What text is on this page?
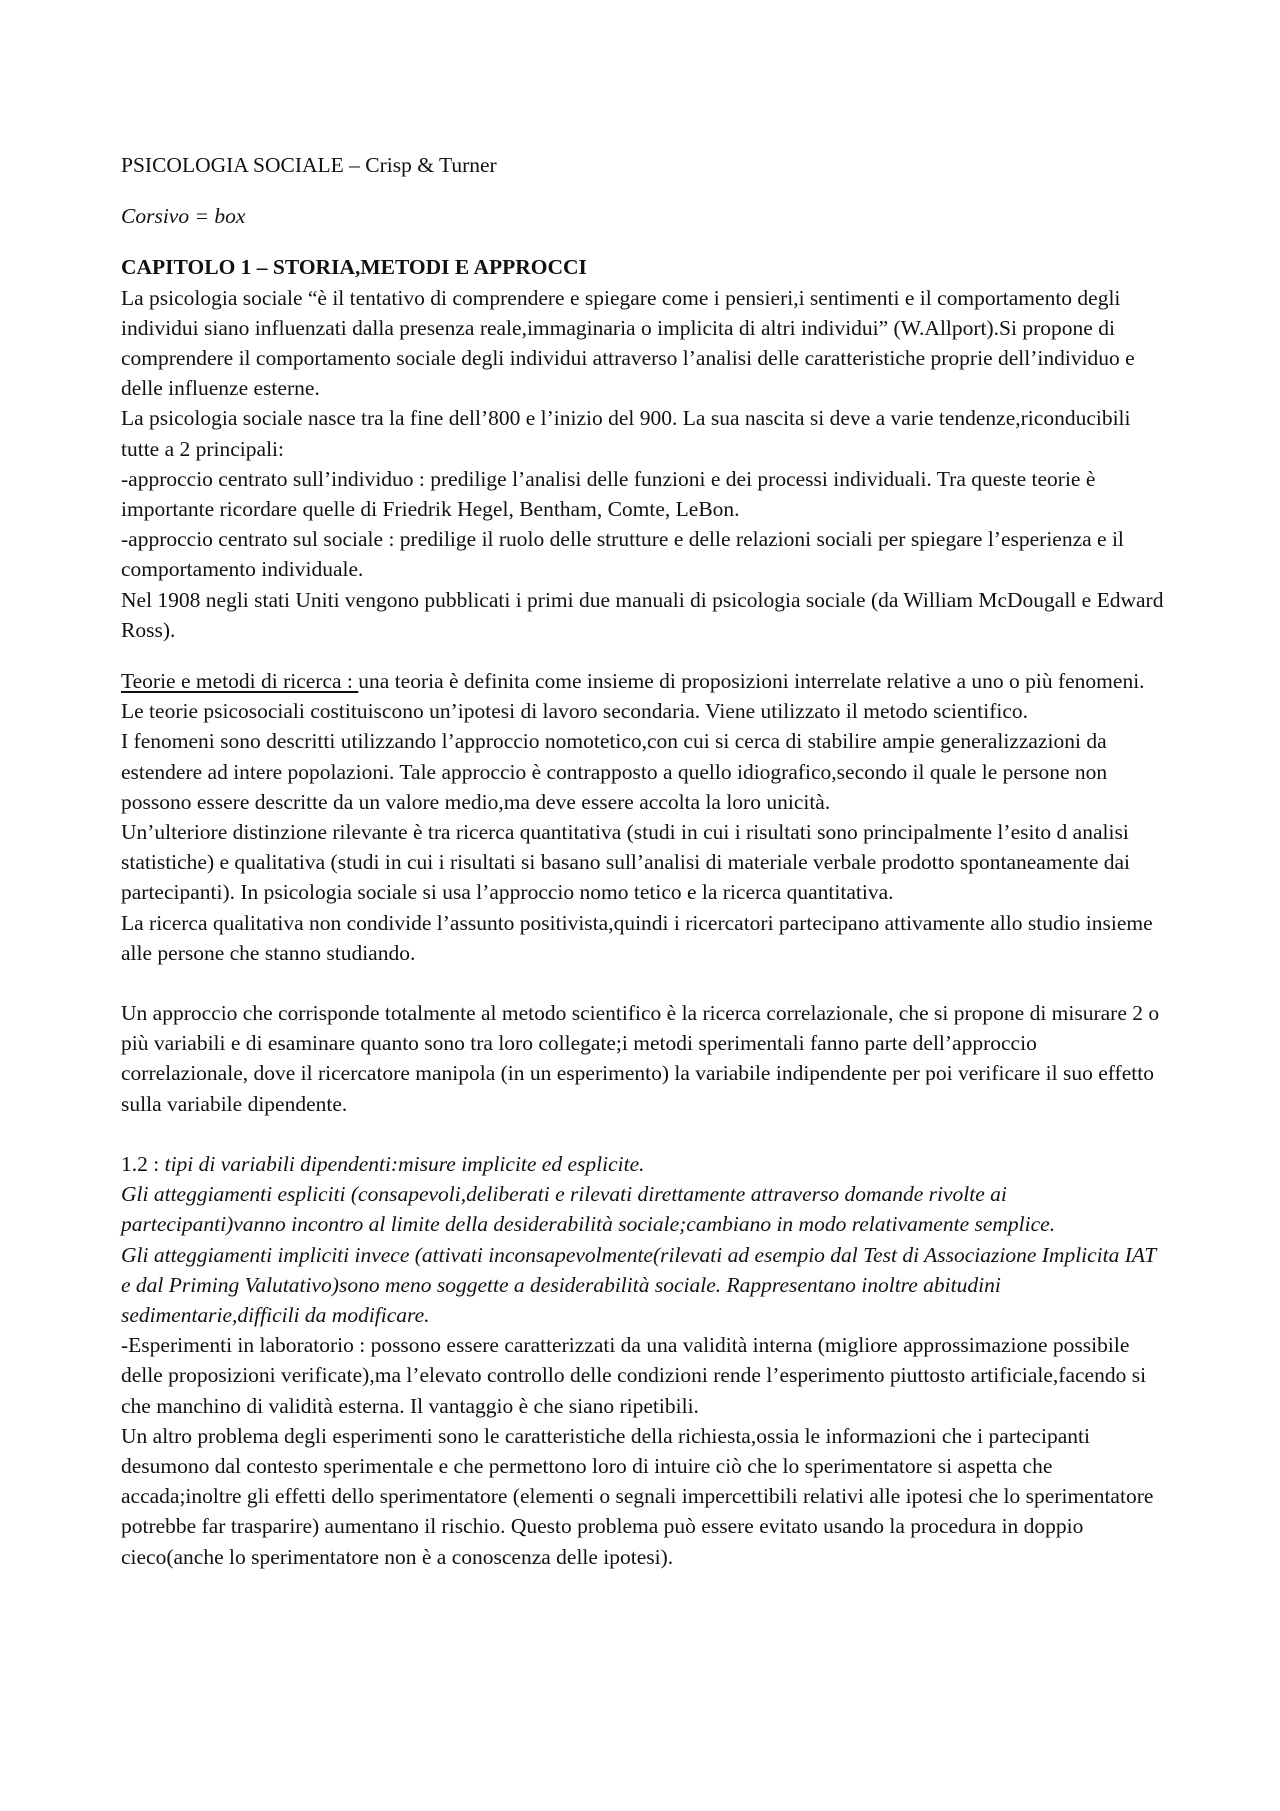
PSICOLOGIA SOCIALE – Crisp & Turner

Corsivo = box

CAPITOLO 1 – STORIA,METODI E APPROCCI

La psicologia sociale “è il tentativo di comprendere e spiegare come i pensieri,i sentimenti e il comportamento degli individui siano influenzati dalla presenza reale,immaginaria o implicita di altri individui” (W.Allport).Si propone di comprendere il comportamento sociale degli individui attraverso l’analisi delle caratteristiche proprie dell’individuo e delle influenze esterne.

La psicologia sociale nasce tra la fine dell’800 e l’inizio del 900. La sua nascita si deve a varie tendenze,riconducibili tutte a 2 principali:

-approccio centrato sull’individuo : predilige l’analisi delle funzioni e dei processi individuali. Tra queste teorie è importante ricordare quelle di Friedrik Hegel, Bentham, Comte, LeBon.

-approccio centrato sul sociale : predilige il ruolo delle strutture e delle relazioni sociali per spiegare l’esperienza e il comportamento individuale.

Nel 1908 negli stati Uniti vengono pubblicati i primi due manuali di psicologia sociale (da William McDougall e Edward Ross).

Teorie e metodi di ricerca : una teoria è definita come insieme di proposizioni interrelate relative a uno o più fenomeni. Le teorie psicosociali costituiscono un’ipotesi di lavoro secondaria. Viene utilizzato il metodo scientifico.

I fenomeni sono descritti utilizzando l’approccio nomotetico,con cui si cerca di stabilire ampie generalizzazioni da estendere ad intere popolazioni. Tale approccio è contrapposto a quello idiografico,secondo il quale le persone non possono essere descritte da un valore medio,ma deve essere accolta la loro unicità.

Un’ulteriore distinzione rilevante è tra ricerca quantitativa (studi in cui i risultati sono principalmente l’esito d analisi statistiche) e qualitativa (studi in cui i risultati si basano sull’analisi di materiale verbale prodotto spontaneamente dai partecipanti). In psicologia sociale si usa l’approccio nomo tetico e la ricerca quantitativa.

La ricerca qualitativa non condivide l’assunto positivista,quindi i ricercatori partecipano attivamente allo studio insieme alle persone che stanno studiando.

Un approccio che corrisponde totalmente al metodo scientifico è la ricerca correlazionale, che si propone di misurare 2 o più variabili e di esaminare quanto sono tra loro collegate;i metodi sperimentali fanno parte dell’approccio correlazionale, dove il ricercatore manipola (in un esperimento) la variabile indipendente per poi verificare il suo effetto sulla variabile dipendente.

1.2 : tipi di variabili dipendenti:misure implicite ed esplicite.

Gli atteggiamenti espliciti (consapevoli,deliberati e rilevati direttamente attraverso domande rivolte ai partecipanti)vanno incontro al limite della desiderabilità sociale;cambiano in modo relativamente semplice.

Gli atteggiamenti impliciti invece (attivati inconsapevolmente(rilevati ad esempio dal Test di Associazione Implicita IAT e dal Priming Valutativo)sono meno soggette a desiderabilità sociale. Rappresentano inoltre abitudini sedimentarie,difficili da modificare.

-Esperimenti in laboratorio : possono essere caratterizzati da una validità interna (migliore approssimazione possibile delle proposizioni verificate),ma l’elevato controllo delle condizioni rende l’esperimento piuttosto artificiale,facendo si che manchino di validità esterna. Il vantaggio è che siano ripetibili.

Un altro problema degli esperimenti sono le caratteristiche della richiesta,ossia le informazioni che i partecipanti desumono dal contesto sperimentale e che permettono loro di intuire ciò che lo sperimentatore si aspetta che accada;inoltre gli effetti dello sperimentatore (elementi o segnali impercettibili relativi alle ipotesi che lo sperimentatore potrebbe far trasparire) aumentano il rischio. Questo problema può essere evitato usando la procedura in doppio cieco(anche lo sperimentatore non è a conoscenza delle ipotesi).
